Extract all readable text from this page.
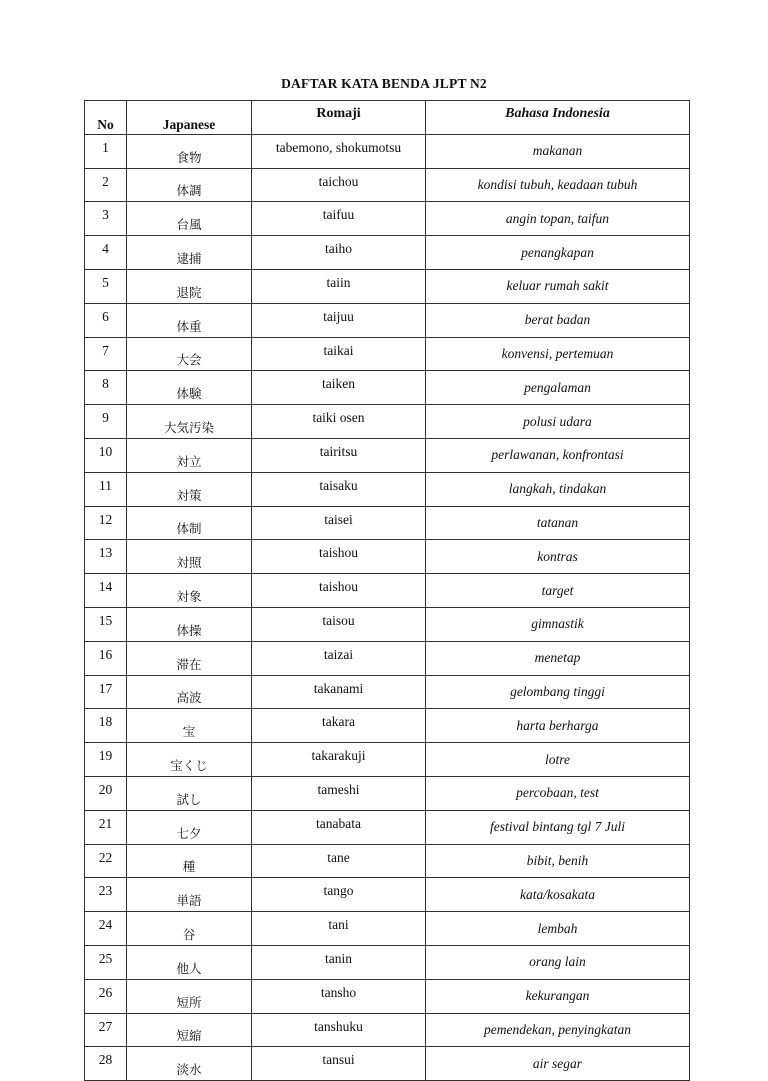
DAFTAR KATA BENDA JLPT N2
No	Japanese	Romaji	Bahasa Indonesia
1	食物	tabemono, shokumotsu	makanan
2	体調	taichou	kondisi tubuh, keadaan tubuh
3	台風	taifuu	angin topan, taifun
4	逮捕	taiho	penangkapan
5	退院	taiin	keluar rumah sakit
6	体重	taijuu	berat badan
7	大会	taikai	konvensi, pertemuan
8	体験	taiken	pengalaman
9	大気汚染	taiki osen	polusi udara
10	対立	tairitsu	perlawanan, konfrontasi
11	対策	taisaku	langkah, tindakan
12	体制	taisei	tatanan
13	対照	taishou	kontras
14	対象	taishou	target
15	体操	taisou	gimnastik
16	滞在	taizai	menetap
17	高波	takanami	gelombang tinggi
18	宝	takara	harta berharga
19	宝くじ	takarakuji	lotre
20	試し	tameshi	percobaan, test
21	七夕	tanabata	festival bintang tgl 7 Juli
22	種	tane	bibit, benih
23	単語	tango	kata/kosakata
24	谷	tani	lembah
25	他人	tanin	orang lain
26	短所	tansho	kekurangan
27	短縮	tanshuku	pemendekan, penyingkatan
28	淡水	tansui	air segar
